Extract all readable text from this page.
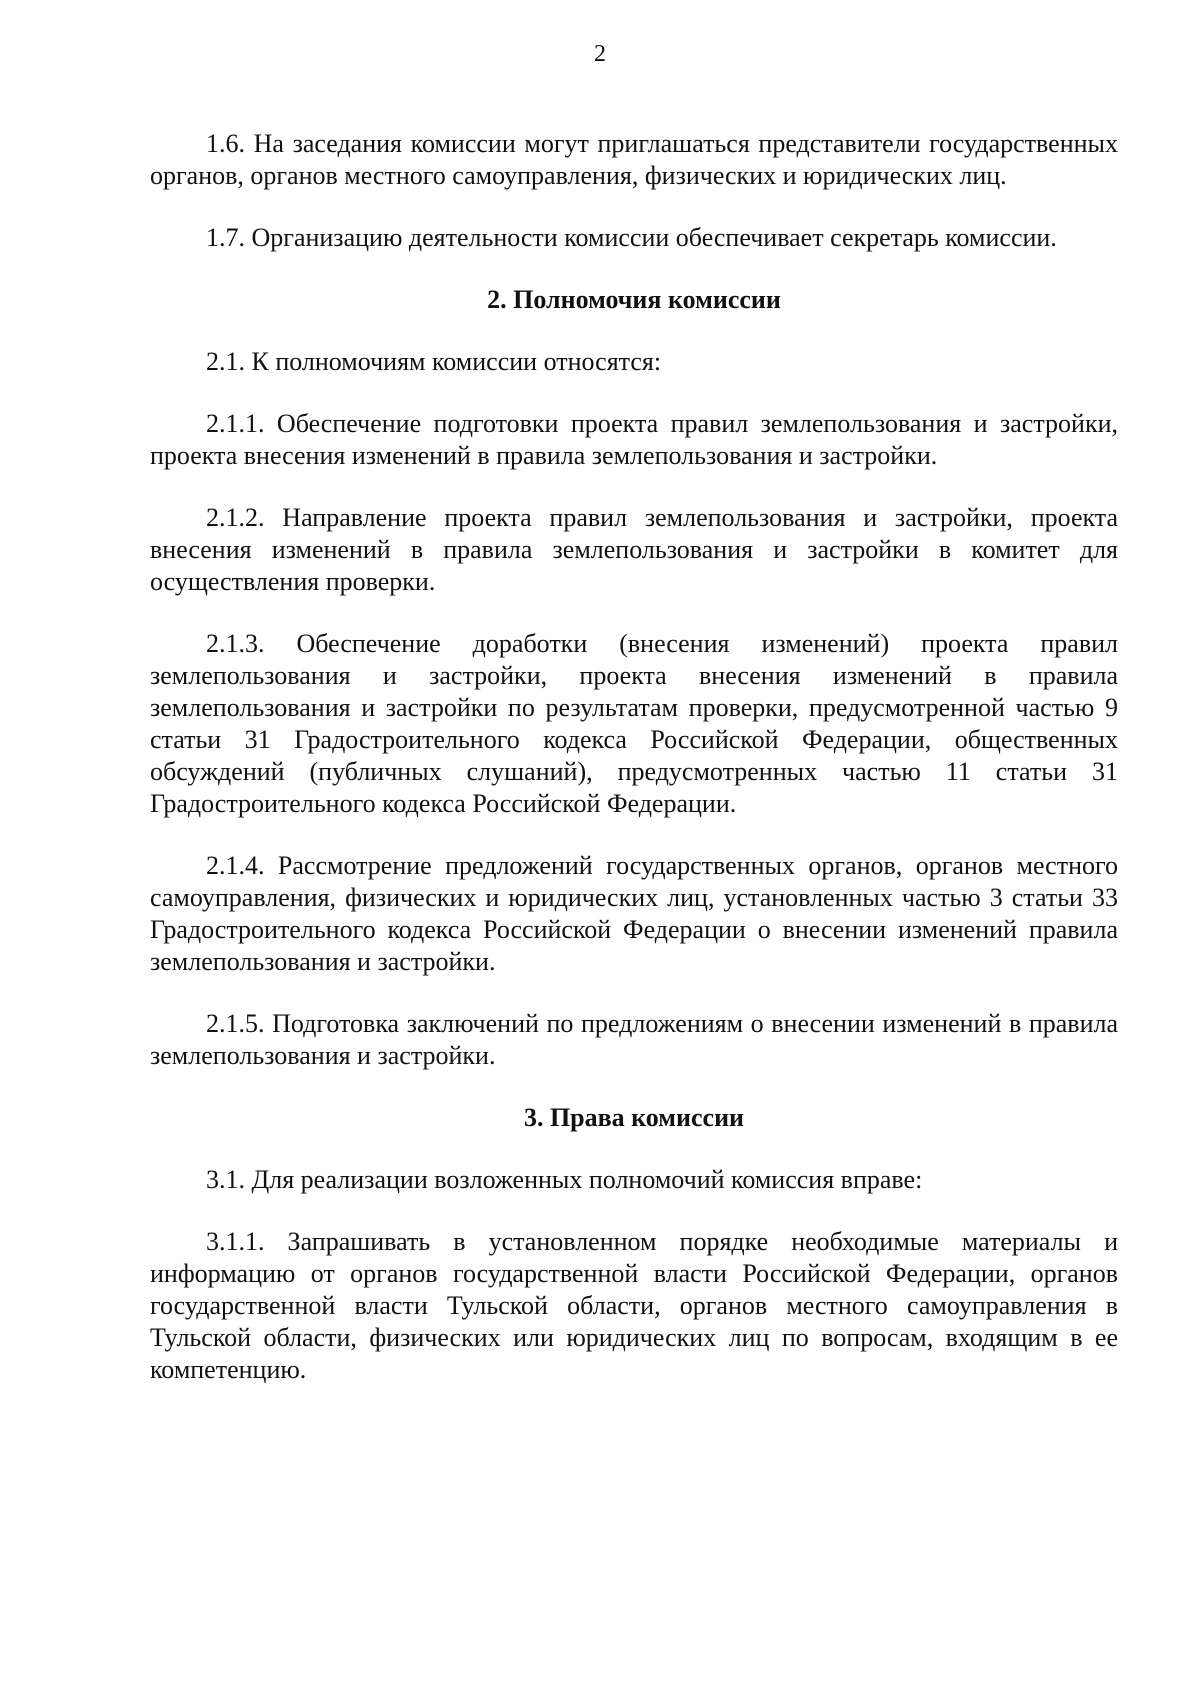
2

1.6. На заседания комиссии могут приглашаться представители государственных органов, органов местного самоуправления, физических и юридических лиц.

1.7. Организацию деятельности комиссии обеспечивает секретарь комиссии.

2. Полномочия комиссии

2.1. К полномочиям комиссии относятся:

2.1.1. Обеспечение подготовки проекта правил землепользования и застройки, проекта внесения изменений в правила землепользования и застройки.

2.1.2. Направление проекта правил землепользования и застройки, проекта внесения изменений в правила землепользования и застройки в комитет для осуществления проверки.

2.1.3. Обеспечение доработки (внесения изменений) проекта правил землепользования и застройки, проекта внесения изменений в правила землепользования и застройки по результатам проверки, предусмотренной частью 9 статьи 31 Градостроительного кодекса Российской Федерации, общественных обсуждений (публичных слушаний), предусмотренных частью 11 статьи 31 Градостроительного кодекса Российской Федерации.

2.1.4. Рассмотрение предложений государственных органов, органов местного самоуправления, физических и юридических лиц, установленных частью 3 статьи 33 Градостроительного кодекса Российской Федерации о внесении изменений правила землепользования и застройки.

2.1.5. Подготовка заключений по предложениям о внесении изменений в правила землепользования и застройки.

3. Права комиссии

3.1. Для реализации возложенных полномочий комиссия вправе:

3.1.1. Запрашивать в установленном порядке необходимые материалы и информацию от органов государственной власти Российской Федерации, органов государственной власти Тульской области, органов местного самоуправления в Тульской области, физических или юридических лиц по вопросам, входящим в ее компетенцию.
